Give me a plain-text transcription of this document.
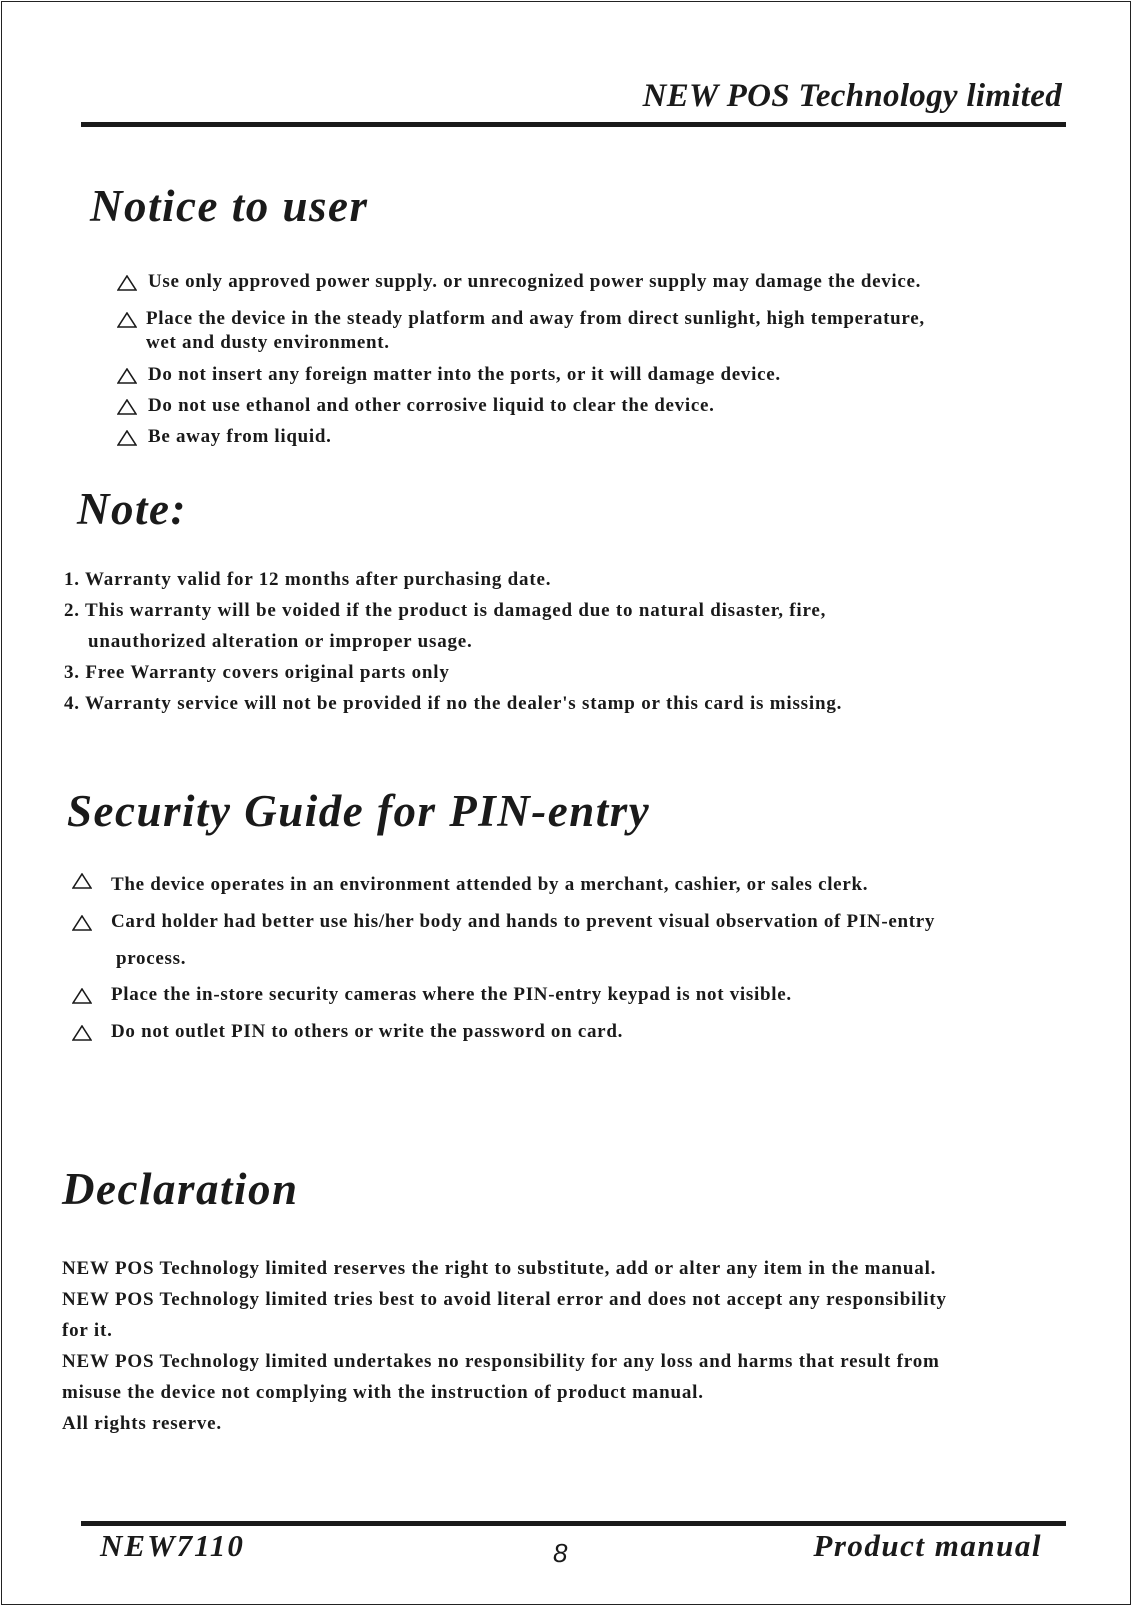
NEW POS Technology limited
Notice to user
Use only approved power supply. or unrecognized power supply may damage the device.
Place the device in the steady platform and away from direct sunlight, high temperature,
wet and dusty environment.
Do not insert any foreign matter into the ports, or it will damage device.
Do not use ethanol and other corrosive liquid to clear the device.
Be away from liquid.
Note:
1. Warranty valid for 12 months after purchasing date.
2. This warranty will be voided if the product is damaged due to natural disaster, fire,
unauthorized alteration or improper usage.
3. Free Warranty covers original parts only
4. Warranty service will not be provided if no the dealer's stamp or this card is missing.
Security Guide for PIN-entry
The device operates in an environment attended by a merchant, cashier, or sales clerk.
Card holder had better use his/her body and hands to prevent visual observation of PIN-entry
process.
Place the in-store security cameras where the PIN-entry keypad is not visible.
Do not outlet PIN to others or write the password on card.
Declaration
NEW POS Technology limited reserves the right to substitute, add or alter any item in the manual.
NEW POS Technology limited tries best to avoid literal error and does not accept any responsibility
for it.
NEW POS Technology limited undertakes no responsibility for any loss and harms that result from
misuse the device not complying with the instruction of product manual.
All rights reserve.
NEW7110	8	Product manual
